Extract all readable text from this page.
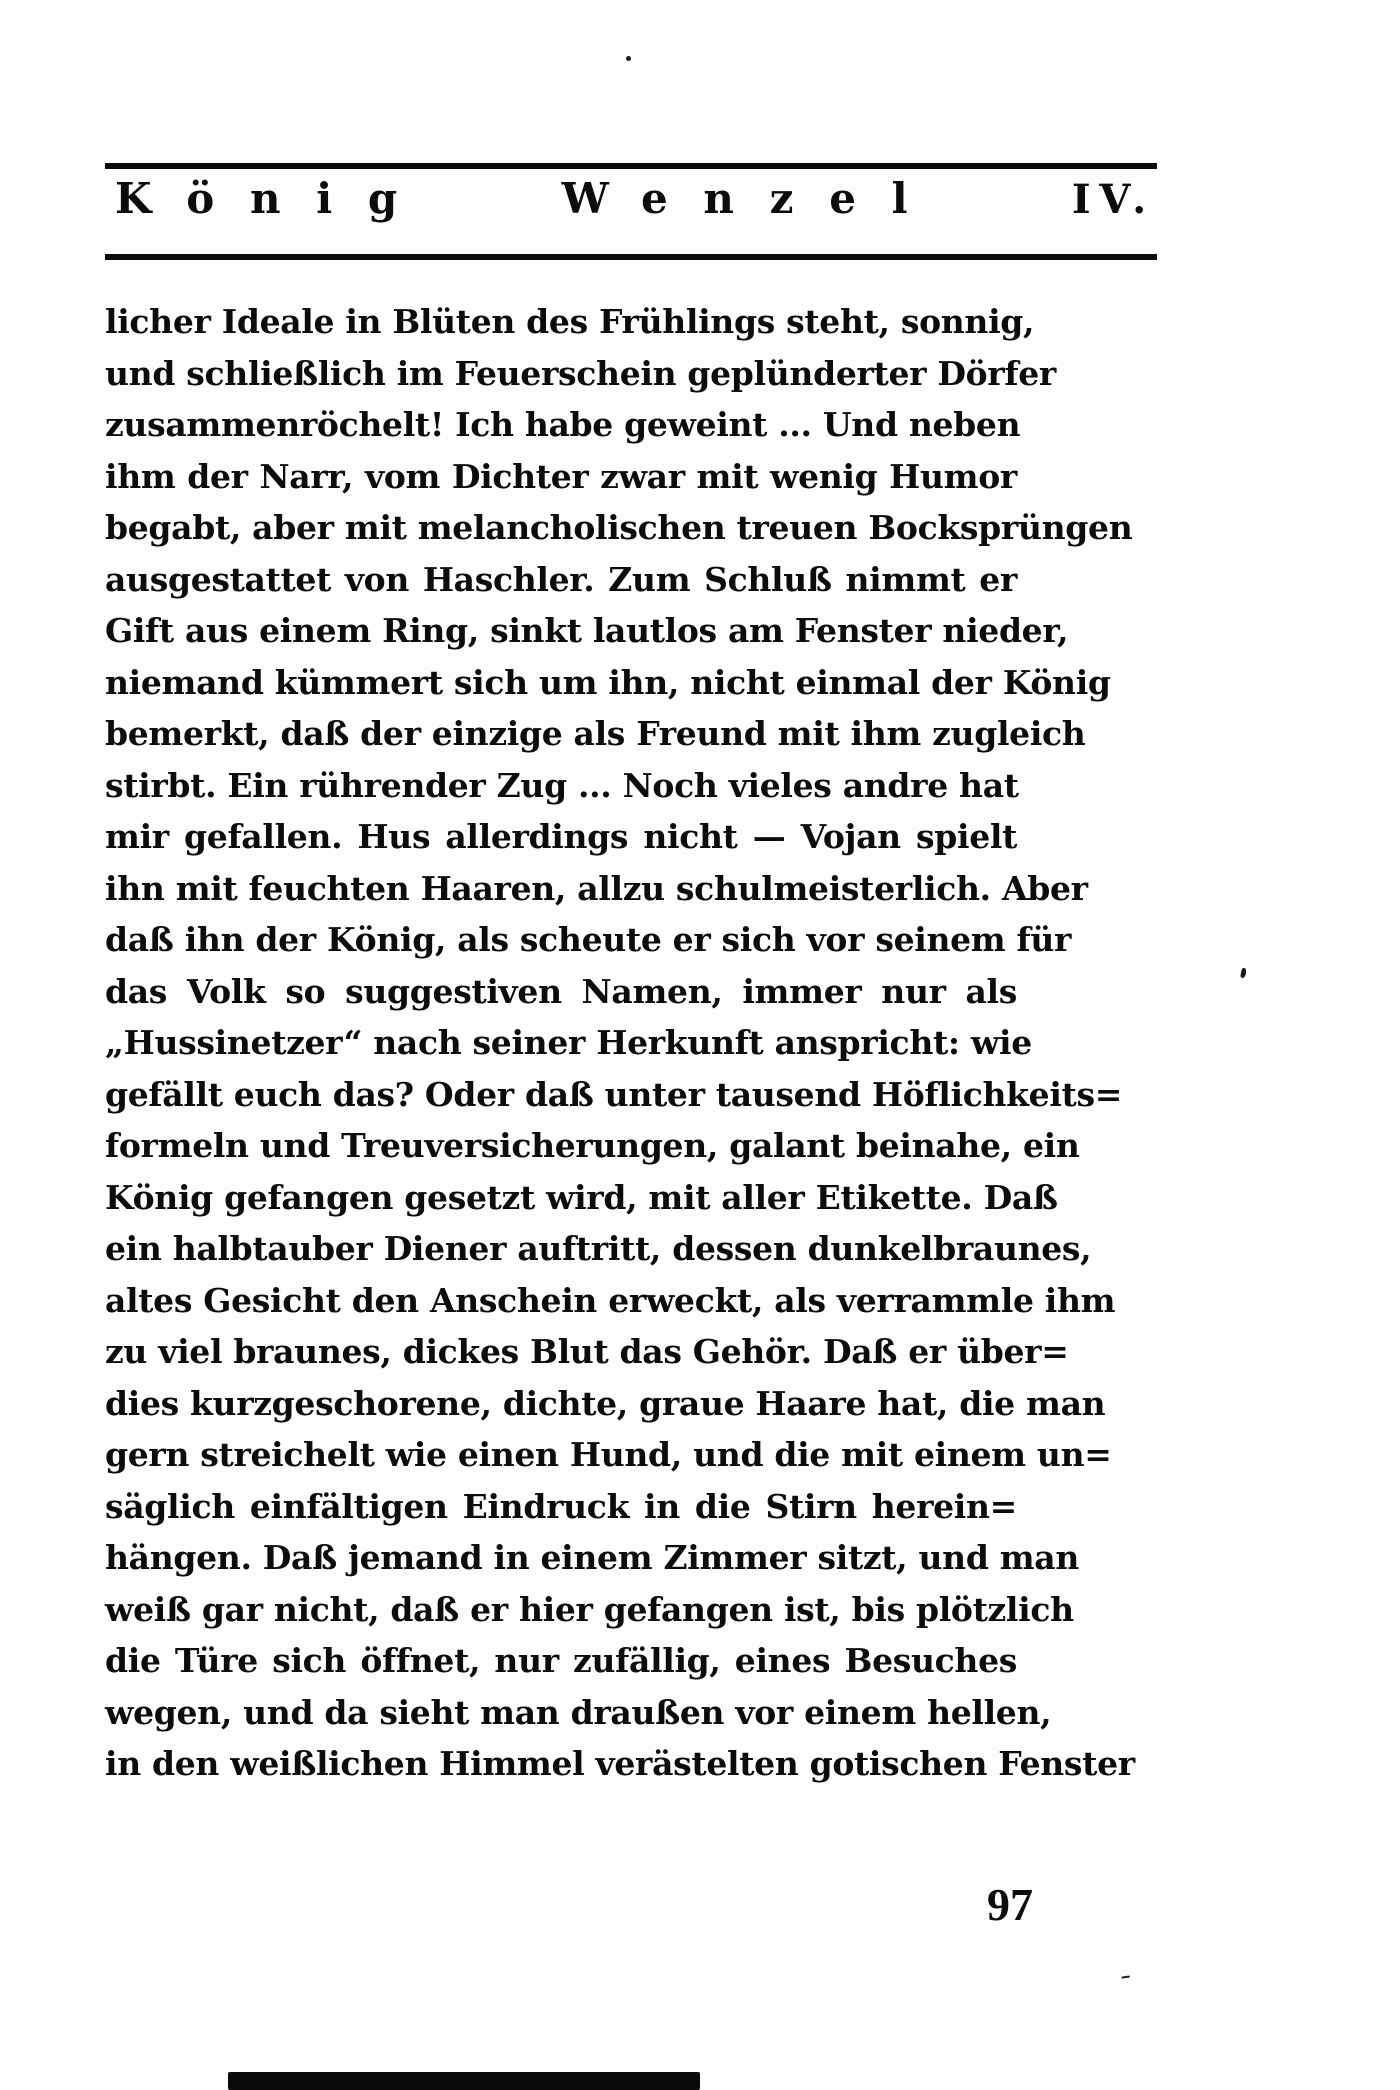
König	Wenzel	IV.
licher Ideale in Blüten des Frühlings steht, sonnig,
und schließlich im Feuerschein geplünderter Dörfer
zusammenröchelt! Ich habe geweint ... Und neben
ihm der Narr, vom Dichter zwar mit wenig Humor
begabt, aber mit melancholischen treuen Bocksprüngen
ausgestattet von Haschler. Zum Schluß nimmt er
Gift aus einem Ring, sinkt lautlos am Fenster nieder,
niemand kümmert sich um ihn, nicht einmal der König
bemerkt, daß der einzige als Freund mit ihm zugleich
stirbt. Ein rührender Zug ... Noch vieles andre hat
mir gefallen. Hus allerdings nicht — Vojan spielt
ihn mit feuchten Haaren, allzu schulmeisterlich. Aber
daß ihn der König, als scheute er sich vor seinem für
das Volk so suggestiven Namen, immer nur als
„Hussinetzer“ nach seiner Herkunft anspricht: wie
gefällt euch das? Oder daß unter tausend Höflichkeits=
formeln und Treuversicherungen, galant beinahe, ein
König gefangen gesetzt wird, mit aller Etikette. Daß
ein halbtauber Diener auftritt, dessen dunkelbraunes,
altes Gesicht den Anschein erweckt, als verrammle ihm
zu viel braunes, dickes Blut das Gehör. Daß er über=
dies kurzgeschorene, dichte, graue Haare hat, die man
gern streichelt wie einen Hund, und die mit einem un=
säglich einfältigen Eindruck in die Stirn herein=
hängen. Daß jemand in einem Zimmer sitzt, und man
weiß gar nicht, daß er hier gefangen ist, bis plötzlich
die Türe sich öffnet, nur zufällig, eines Besuches
wegen, und da sieht man draußen vor einem hellen,
in den weißlichen Himmel verästelten gotischen Fenster
97
